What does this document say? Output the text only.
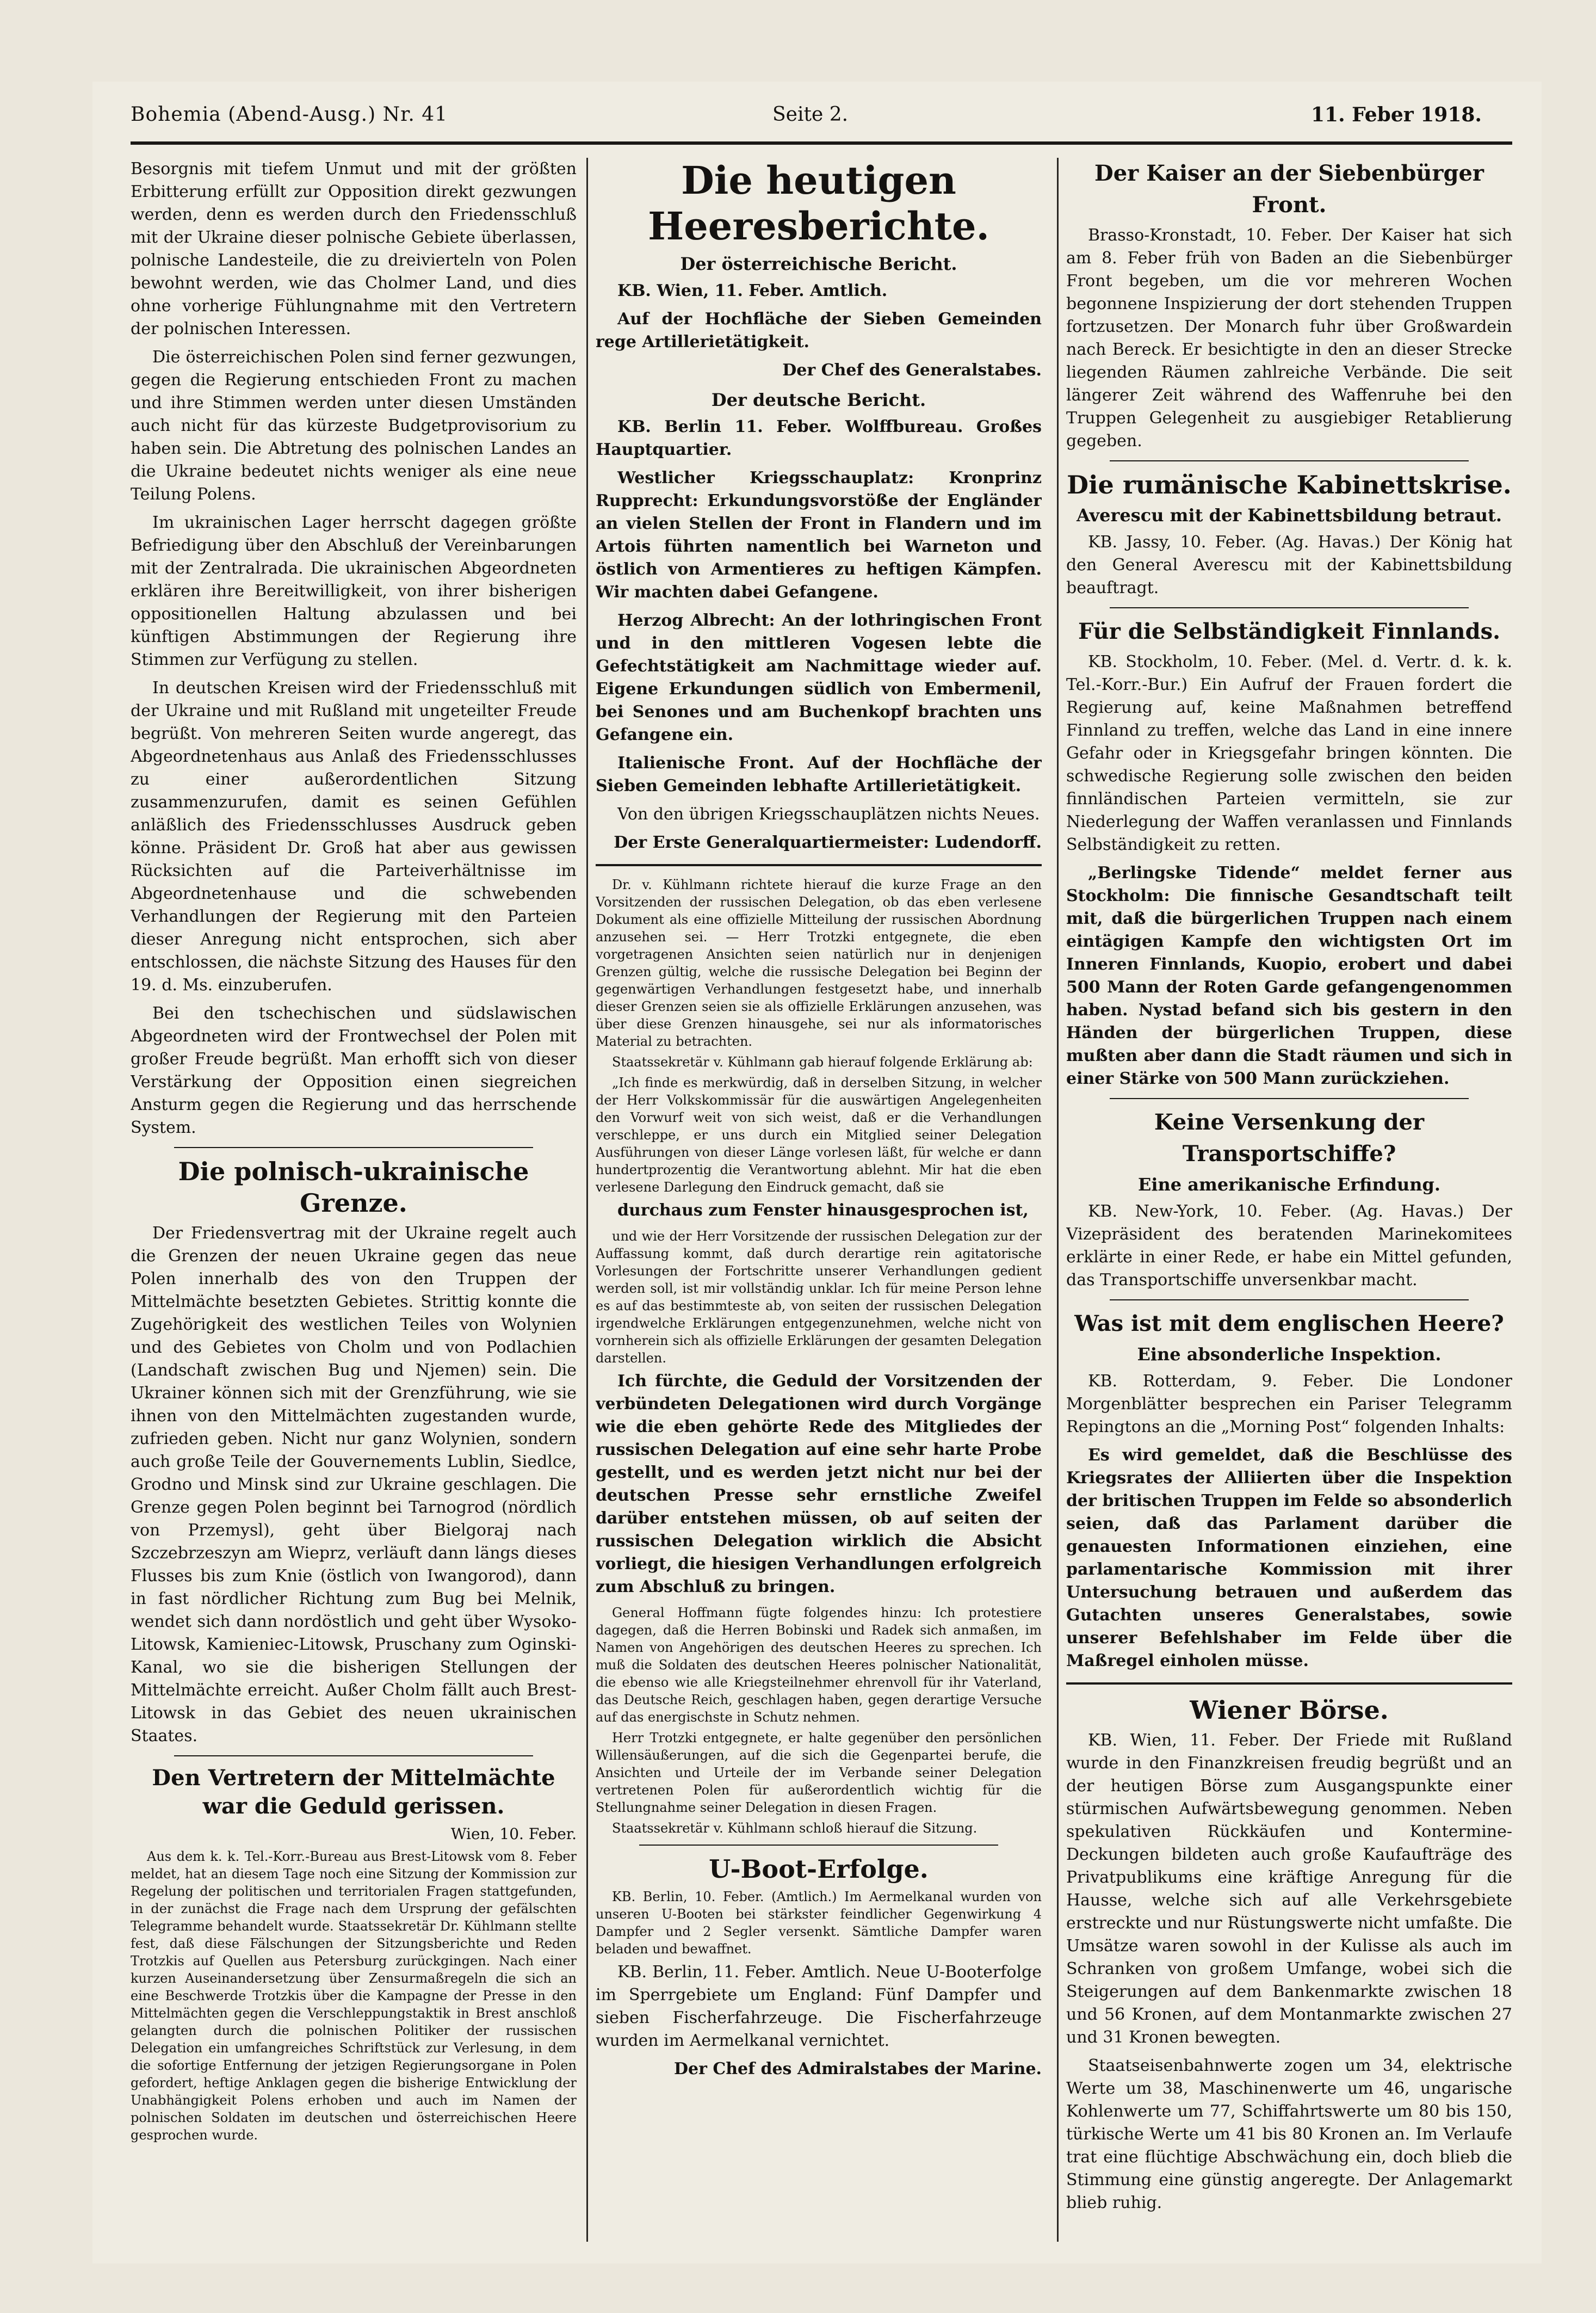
Bohemia (Abend-Ausg.) Nr. 41	Seite 2.	11. Feber 1918.

Besorgnis mit tiefem Unmut und mit der größten Erbitterung erfüllt zur Opposition direkt gezwungen werden, denn es werden durch den Friedensschluß mit der Ukraine dieser polnische Gebiete überlassen, polnische Landesteile, die zu dreivierteln von Polen bewohnt werden, wie das Cholmer Land, und dies ohne vorherige Fühlungnahme mit den Vertretern der polnischen Interessen.

Die österreichischen Polen sind ferner gezwungen, gegen die Regierung entschieden Front zu machen und ihre Stimmen werden unter diesen Umständen auch nicht für das kürzeste Budgetprovisorium zu haben sein. Die Abtretung des polnischen Landes an die Ukraine bedeutet nichts weniger als eine neue Teilung Polens.

Im ukrainischen Lager herrscht dagegen größte Befriedigung über den Abschluß der Vereinbarungen mit der Zentralrada. Die ukrainischen Abgeordneten erklären ihre Bereitwilligkeit, von ihrer bisherigen oppositionellen Haltung abzulassen und bei künftigen Abstimmungen der Regierung ihre Stimmen zur Verfügung zu stellen.

In deutschen Kreisen wird der Friedensschluß mit der Ukraine und mit Rußland mit ungeteilter Freude begrüßt. Von mehreren Seiten wurde angeregt, das Abgeordnetenhaus aus Anlaß des Friedensschlusses zu einer außerordentlichen Sitzung zusammenzurufen, damit es seinen Gefühlen anläßlich des Friedensschlusses Ausdruck geben könne. Präsident Dr. Groß hat aber aus gewissen Rücksichten auf die Parteiverhältnisse im Abgeordnetenhause und die schwebenden Verhandlungen der Regierung mit den Parteien dieser Anregung nicht entsprochen, sich aber entschlossen, die nächste Sitzung des Hauses für den 19. d. Ms. einzuberufen.

Bei den tschechischen und südslawischen Abgeordneten wird der Frontwechsel der Polen mit großer Freude begrüßt. Man erhofft sich von dieser Verstärkung der Opposition einen siegreichen Ansturm gegen die Regierung und das herrschende System.

Die polnisch-ukrainische Grenze.

Der Friedensvertrag mit der Ukraine regelt auch die Grenzen der neuen Ukraine gegen das neue Polen innerhalb des von den Truppen der Mittelmächte besetzten Gebietes. Strittig konnte die Zugehörigkeit des westlichen Teiles von Wolynien und des Gebietes von Cholm und von Podlachien (Landschaft zwischen Bug und Njemen) sein. Die Ukrainer können sich mit der Grenzführung, wie sie ihnen von den Mittelmächten zugestanden wurde, zufrieden geben. Nicht nur ganz Wolynien, sondern auch große Teile der Gouvernements Lublin, Siedlce, Grodno und Minsk sind zur Ukraine geschlagen. Die Grenze gegen Polen beginnt bei Tarnogrod (nördlich von Przemysl), geht über Bielgoraj nach Szczebrzeszyn am Wieprz, verläuft dann längs dieses Flusses bis zum Knie (östlich von Iwangorod), dann in fast nördlicher Richtung zum Bug bei Melnik, wendet sich dann nordöstlich und geht über Wysoko-Litowsk, Kamieniec-Litowsk, Pruschany zum Oginski-Kanal, wo sie die bisherigen Stellungen der Mittelmächte erreicht. Außer Cholm fällt auch Brest-Litowsk in das Gebiet des neuen ukrainischen Staates.

Den Vertretern der Mittelmächte war die Geduld gerissen.
Wien, 10. Feber.

Aus dem k. k. Tel.-Korr.-Bureau aus Brest-Litowsk vom 8. Feber meldet, hat an diesem Tage noch eine Sitzung der Kommission zur Regelung der politischen und territorialen Fragen stattgefunden, in der zunächst die Frage nach dem Ursprung der gefälschten Telegramme behandelt wurde. Staatssekretär Dr. Kühlmann stellte fest, daß diese Fälschungen der Sitzungsberichte und Reden Trotzkis auf Quellen aus Petersburg zurückgingen. Nach einer kurzen Auseinandersetzung über Zensurmaßregeln die sich an eine Beschwerde Trotzkis über die Kampagne der Presse in den Mittelmächten gegen die Verschleppungstaktik in Brest anschloß gelangten durch die polnischen Politiker der russischen Delegation ein umfangreiches Schriftstück zur Verlesung, in dem die sofortige Entfernung der jetzigen Regierungsorgane in Polen gefordert, heftige Anklagen gegen die bisherige Entwicklung der Unabhängigkeit Polens erhoben und auch im Namen der polnischen Soldaten im deutschen und österreichischen Heere gesprochen wurde.

Die heutigen Heeresberichte.
Der österreichische Bericht.

KB. Wien, 11. Feber. Amtlich.

Auf der Hochfläche der Sieben Gemeinden rege Artillerietätigkeit.

Der Chef des Generalstabes.
Der deutsche Bericht.

KB. Berlin 11. Feber. Wolffbureau. Großes Hauptquartier.

Westlicher Kriegsschauplatz: Kronprinz Rupprecht: Erkundungsvorstöße der Engländer an vielen Stellen der Front in Flandern und im Artois führten namentlich bei Warneton und östlich von Armentieres zu heftigen Kämpfen. Wir machten dabei Gefangene.

Herzog Albrecht: An der lothringischen Front und in den mittleren Vogesen lebte die Gefechtstätigkeit am Nachmittage wieder auf. Eigene Erkundungen südlich von Embermenil, bei Senones und am Buchenkopf brachten uns Gefangene ein.

Italienische Front. Auf der Hochfläche der Sieben Gemeinden lebhafte Artillerietätigkeit.

Von den übrigen Kriegsschauplätzen nichts Neues.

Der Erste Generalquartiermeister: Ludendorff.

Dr. v. Kühlmann richtete hierauf die kurze Frage an den Vorsitzenden der russischen Delegation, ob das eben verlesene Dokument als eine offizielle Mitteilung der russischen Abordnung anzusehen sei. — Herr Trotzki entgegnete, die eben vorgetragenen Ansichten seien natürlich nur in denjenigen Grenzen gültig, welche die russische Delegation bei Beginn der gegenwärtigen Verhandlungen festgesetzt habe, und innerhalb dieser Grenzen seien sie als offizielle Erklärungen anzusehen, was über diese Grenzen hinausgehe, sei nur als informatorisches Material zu betrachten.

Staatssekretär v. Kühlmann gab hierauf folgende Erklärung ab:

„Ich finde es merkwürdig, daß in derselben Sitzung, in welcher der Herr Volkskommissär für die auswärtigen Angelegenheiten den Vorwurf weit von sich weist, daß er die Verhandlungen verschleppe, er uns durch ein Mitglied seiner Delegation Ausführungen von dieser Länge vorlesen läßt, für welche er dann hundertprozentig die Verantwortung ablehnt. Mir hat die eben verlesene Darlegung den Eindruck gemacht, daß sie

durchaus zum Fenster hinausgesprochen ist,

und wie der Herr Vorsitzende der russischen Delegation zur der Auffassung kommt, daß durch derartige rein agitatorische Vorlesungen der Fortschritte unserer Verhandlungen gedient werden soll, ist mir vollständig unklar. Ich für meine Person lehne es auf das bestimmteste ab, von seiten der russischen Delegation irgendwelche Erklärungen entgegenzunehmen, welche nicht von vornherein sich als offizielle Erklärungen der gesamten Delegation darstellen.

Ich fürchte, die Geduld der Vorsitzenden der verbündeten Delegationen wird durch Vorgänge wie die eben gehörte Rede des Mitgliedes der russischen Delegation auf eine sehr harte Probe gestellt, und es werden jetzt nicht nur bei der deutschen Presse sehr ernstliche Zweifel darüber entstehen müssen, ob auf seiten der russischen Delegation wirklich die Absicht vorliegt, die hiesigen Verhandlungen erfolgreich zum Abschluß zu bringen.

General Hoffmann fügte folgendes hinzu: Ich protestiere dagegen, daß die Herren Bobinski und Radek sich anmaßen, im Namen von Angehörigen des deutschen Heeres zu sprechen. Ich muß die Soldaten des deutschen Heeres polnischer Nationalität, die ebenso wie alle Kriegsteilnehmer ehrenvoll für ihr Vaterland, das Deutsche Reich, geschlagen haben, gegen derartige Versuche auf das energischste in Schutz nehmen.

Herr Trotzki entgegnete, er halte gegenüber den persönlichen Willensäußerungen, auf die sich die Gegenpartei berufe, die Ansichten und Urteile der im Verbande seiner Delegation vertretenen Polen für außerordentlich wichtig für die Stellungnahme seiner Delegation in diesen Fragen.

Staatssekretär v. Kühlmann schloß hierauf die Sitzung.

U-Boot-Erfolge.

KB. Berlin, 10. Feber. (Amtlich.) Im Aermelkanal wurden von unseren U-Booten bei stärkster feindlicher Gegenwirkung 4 Dampfer und 2 Segler versenkt. Sämtliche Dampfer waren beladen und bewaffnet.

KB. Berlin, 11. Feber. Amtlich. Neue U-Booterfolge im Sperrgebiete um England: Fünf Dampfer und sieben Fischerfahrzeuge. Die Fischerfahrzeuge wurden im Aermelkanal vernichtet.

Der Chef des Admiralstabes der Marine.
Der Kaiser an der Siebenbürger Front.

Brasso-Kronstadt, 10. Feber. Der Kaiser hat sich am 8. Feber früh von Baden an die Siebenbürger Front begeben, um die vor mehreren Wochen begonnene Inspizierung der dort stehenden Truppen fortzusetzen. Der Monarch fuhr über Großwardein nach Bereck. Er besichtigte in den an dieser Strecke liegenden Räumen zahlreiche Verbände. Die seit längerer Zeit während des Waffenruhe bei den Truppen Gelegenheit zu ausgiebiger Retablierung gegeben.

Die rumänische Kabinettskrise.
Averescu mit der Kabinettsbildung betraut.

KB. Jassy, 10. Feber. (Ag. Havas.) Der König hat den General Averescu mit der Kabinettsbildung beauftragt.

Für die Selbständigkeit Finnlands.

KB. Stockholm, 10. Feber. (Mel. d. Vertr. d. k. k. Tel.-Korr.-Bur.) Ein Aufruf der Frauen fordert die Regierung auf, keine Maßnahmen betreffend Finnland zu treffen, welche das Land in eine innere Gefahr oder in Kriegsgefahr bringen könnten. Die schwedische Regierung solle zwischen den beiden finnländischen Parteien vermitteln, sie zur Niederlegung der Waffen veranlassen und Finnlands Selbständigkeit zu retten.

„Berlingske Tidende“ meldet ferner aus Stockholm: Die finnische Gesandtschaft teilt mit, daß die bürgerlichen Truppen nach einem eintägigen Kampfe den wichtigsten Ort im Inneren Finnlands, Kuopio, erobert und dabei 500 Mann der Roten Garde gefangengenommen haben. Nystad befand sich bis gestern in den Händen der bürgerlichen Truppen, diese mußten aber dann die Stadt räumen und sich in einer Stärke von 500 Mann zurückziehen.

Keine Versenkung der Transportschiffe?
Eine amerikanische Erfindung.

KB. New-York, 10. Feber. (Ag. Havas.) Der Vizepräsident des beratenden Marinekomitees erklärte in einer Rede, er habe ein Mittel gefunden, das Transportschiffe unversenkbar macht.

Was ist mit dem englischen Heere?
Eine absonderliche Inspektion.

KB. Rotterdam, 9. Feber. Die Londoner Morgenblätter besprechen ein Pariser Telegramm Repingtons an die „Morning Post“ folgenden Inhalts:

Es wird gemeldet, daß die Beschlüsse des Kriegsrates der Alliierten über die Inspektion der britischen Truppen im Felde so absonderlich seien, daß das Parlament darüber die genauesten Informationen einziehen, eine parlamentarische Kommission mit ihrer Untersuchung betrauen und außerdem das Gutachten unseres Generalstabes, sowie unserer Befehlshaber im Felde über die Maßregel einholen müsse.

Wiener Börse.

KB. Wien, 11. Feber. Der Friede mit Rußland wurde in den Finanzkreisen freudig begrüßt und an der heutigen Börse zum Ausgangspunkte einer stürmischen Aufwärtsbewegung genommen. Neben spekulativen Rückkäufen und Kontermine-Deckungen bildeten auch große Kaufaufträge des Privatpublikums eine kräftige Anregung für die Hausse, welche sich auf alle Verkehrsgebiete erstreckte und nur Rüstungswerte nicht umfaßte. Die Umsätze waren sowohl in der Kulisse als auch im Schranken von großem Umfange, wobei sich die Steigerungen auf dem Bankenmarkte zwischen 18 und 56 Kronen, auf dem Montanmarkte zwischen 27 und 31 Kronen bewegten.

Staatseisenbahnwerte zogen um 34, elektrische Werte um 38, Maschinenwerte um 46, ungarische Kohlenwerte um 77, Schiffahrtswerte um 80 bis 150, türkische Werte um 41 bis 80 Kronen an. Im Verlaufe trat eine flüchtige Abschwächung ein, doch blieb die Stimmung eine günstig angeregte. Der Anlagemarkt blieb ruhig.
